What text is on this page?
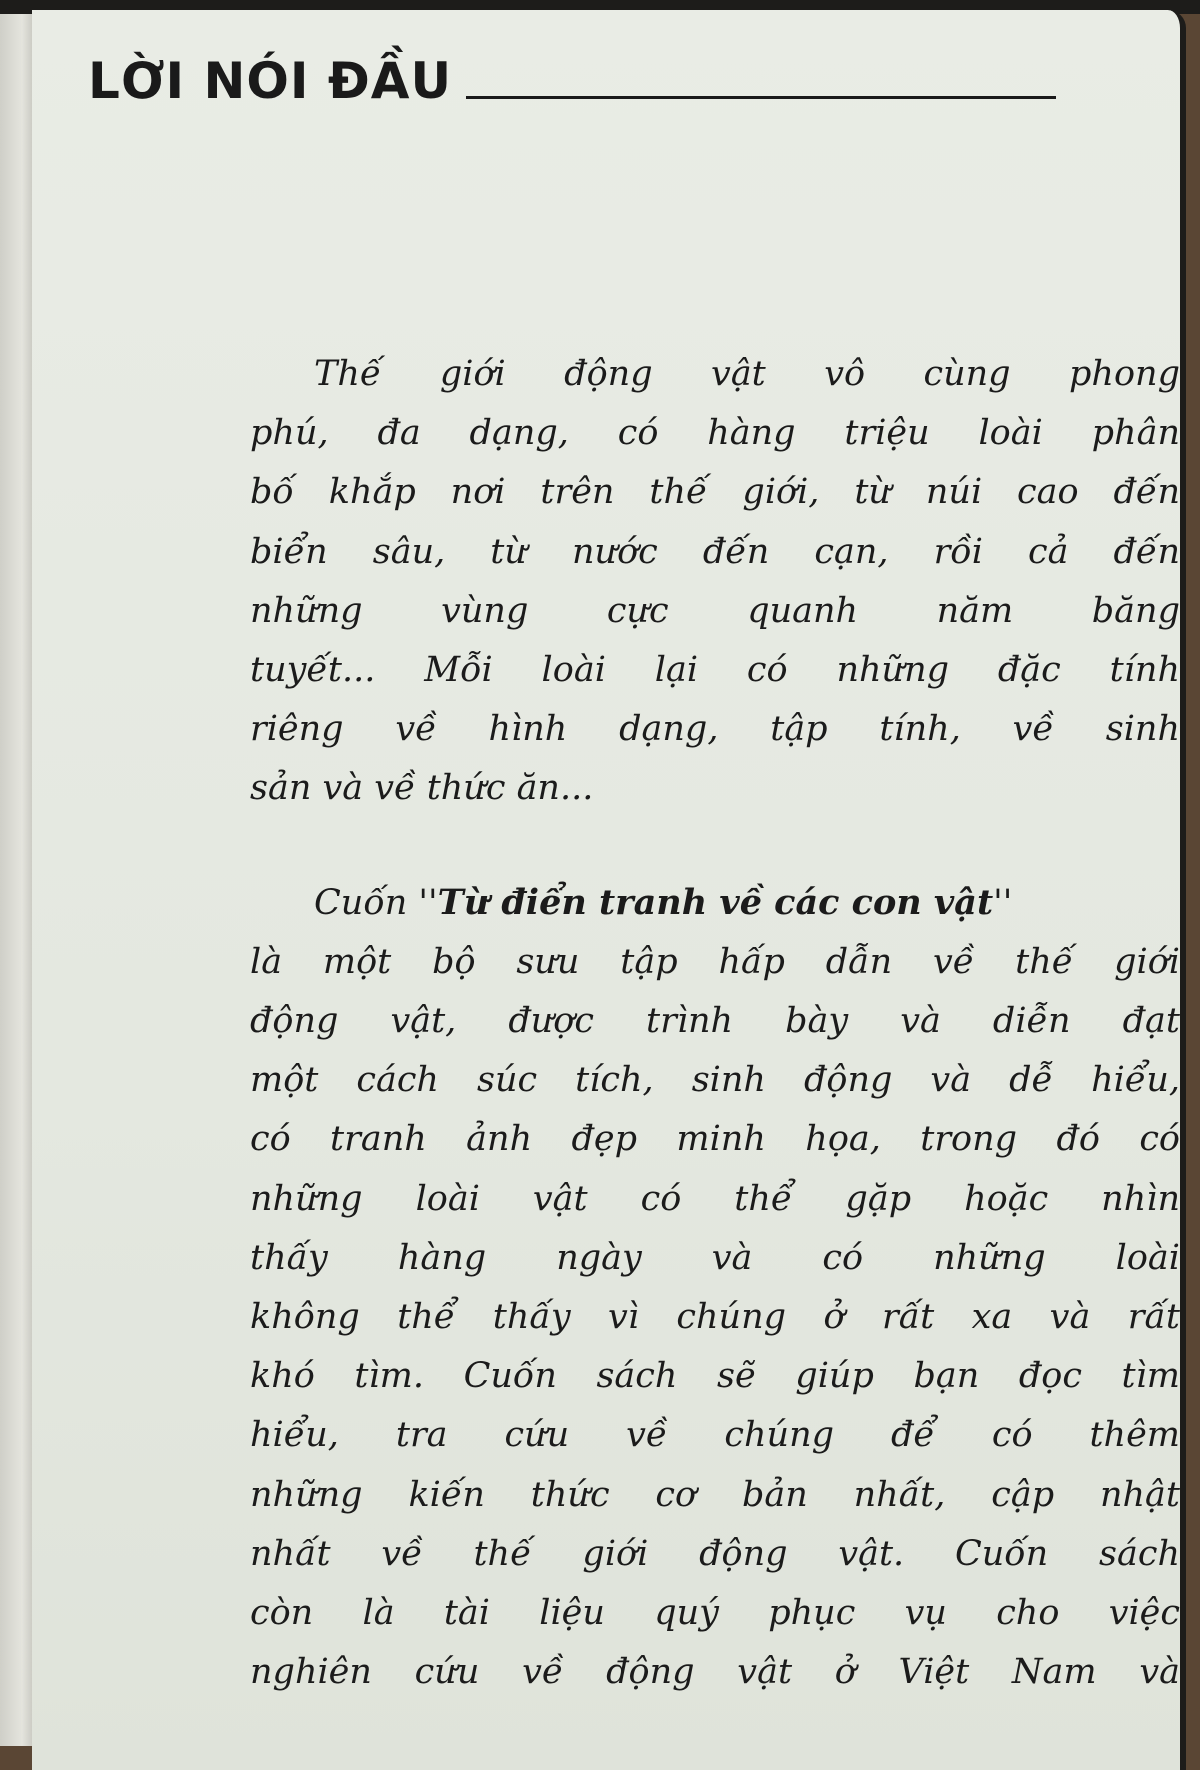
LỜI NÓI ĐẦU
Thế giới động vật vô cùng phong
phú, đa dạng, có hàng triệu loài phân
bố khắp nơi trên thế giới, từ núi cao đến
biển sâu, từ nước đến cạn, rồi cả đến
những vùng cực quanh năm băng
tuyết... Mỗi loài lại có những đặc tính
riêng về hình dạng, tập tính, về sinh
sản và về thức ăn...
Cuốn ''Từ điển tranh về các con vật''
là một bộ sưu tập hấp dẫn về thế giới
động vật, được trình bày và diễn đạt
một cách súc tích, sinh động và dễ hiểu,
có tranh ảnh đẹp minh họa, trong đó có
những loài vật có thể gặp hoặc nhìn
thấy hàng ngày và có những loài
không thể thấy vì chúng ở rất xa và rất
khó tìm. Cuốn sách sẽ giúp bạn đọc tìm
hiểu, tra cứu về chúng để có thêm
những kiến thức cơ bản nhất, cập nhật
nhất về thế giới động vật. Cuốn sách
còn là tài liệu quý phục vụ cho việc
nghiên cứu về động vật ở Việt Nam và
